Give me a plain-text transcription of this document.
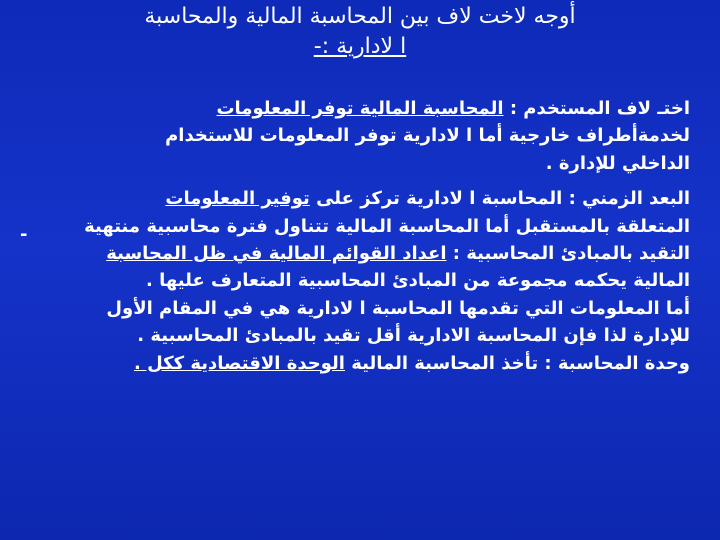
أوجه لاخت لاف بين المحاسبة المالية والمحاسبة
ا لادارية :-
-
اختـ لاف المستخدم : المحاسبة المالية توفر المعلومات
لخدمةأطراف خارجية أما ا لادارية توفر المعلومات للاستخدام
الداخلي للإدارة .
البعد الزمني : المحاسبة ا لادارية تركز على توفير المعلومات
المتعلقة بالمستقبل أما المحاسبة المالية تتناول فترة محاسبية منتهية
التقيد بالمبادئ المحاسبية : اعداد القوائم المالية في ظل المحاسبة
المالية يحكمه مجموعة من المبادئ المحاسبية المتعارف عليها .
أما المعلومات التي تقدمها المحاسبة ا لادارية هي في المقام الأول
للإدارة لذا فإن المحاسبة الادارية أقل تقيد بالمبادئ المحاسبية .
وحدة المحاسبة : تأخذ المحاسبة المالية الوحدة الاقتصادية ككل .
